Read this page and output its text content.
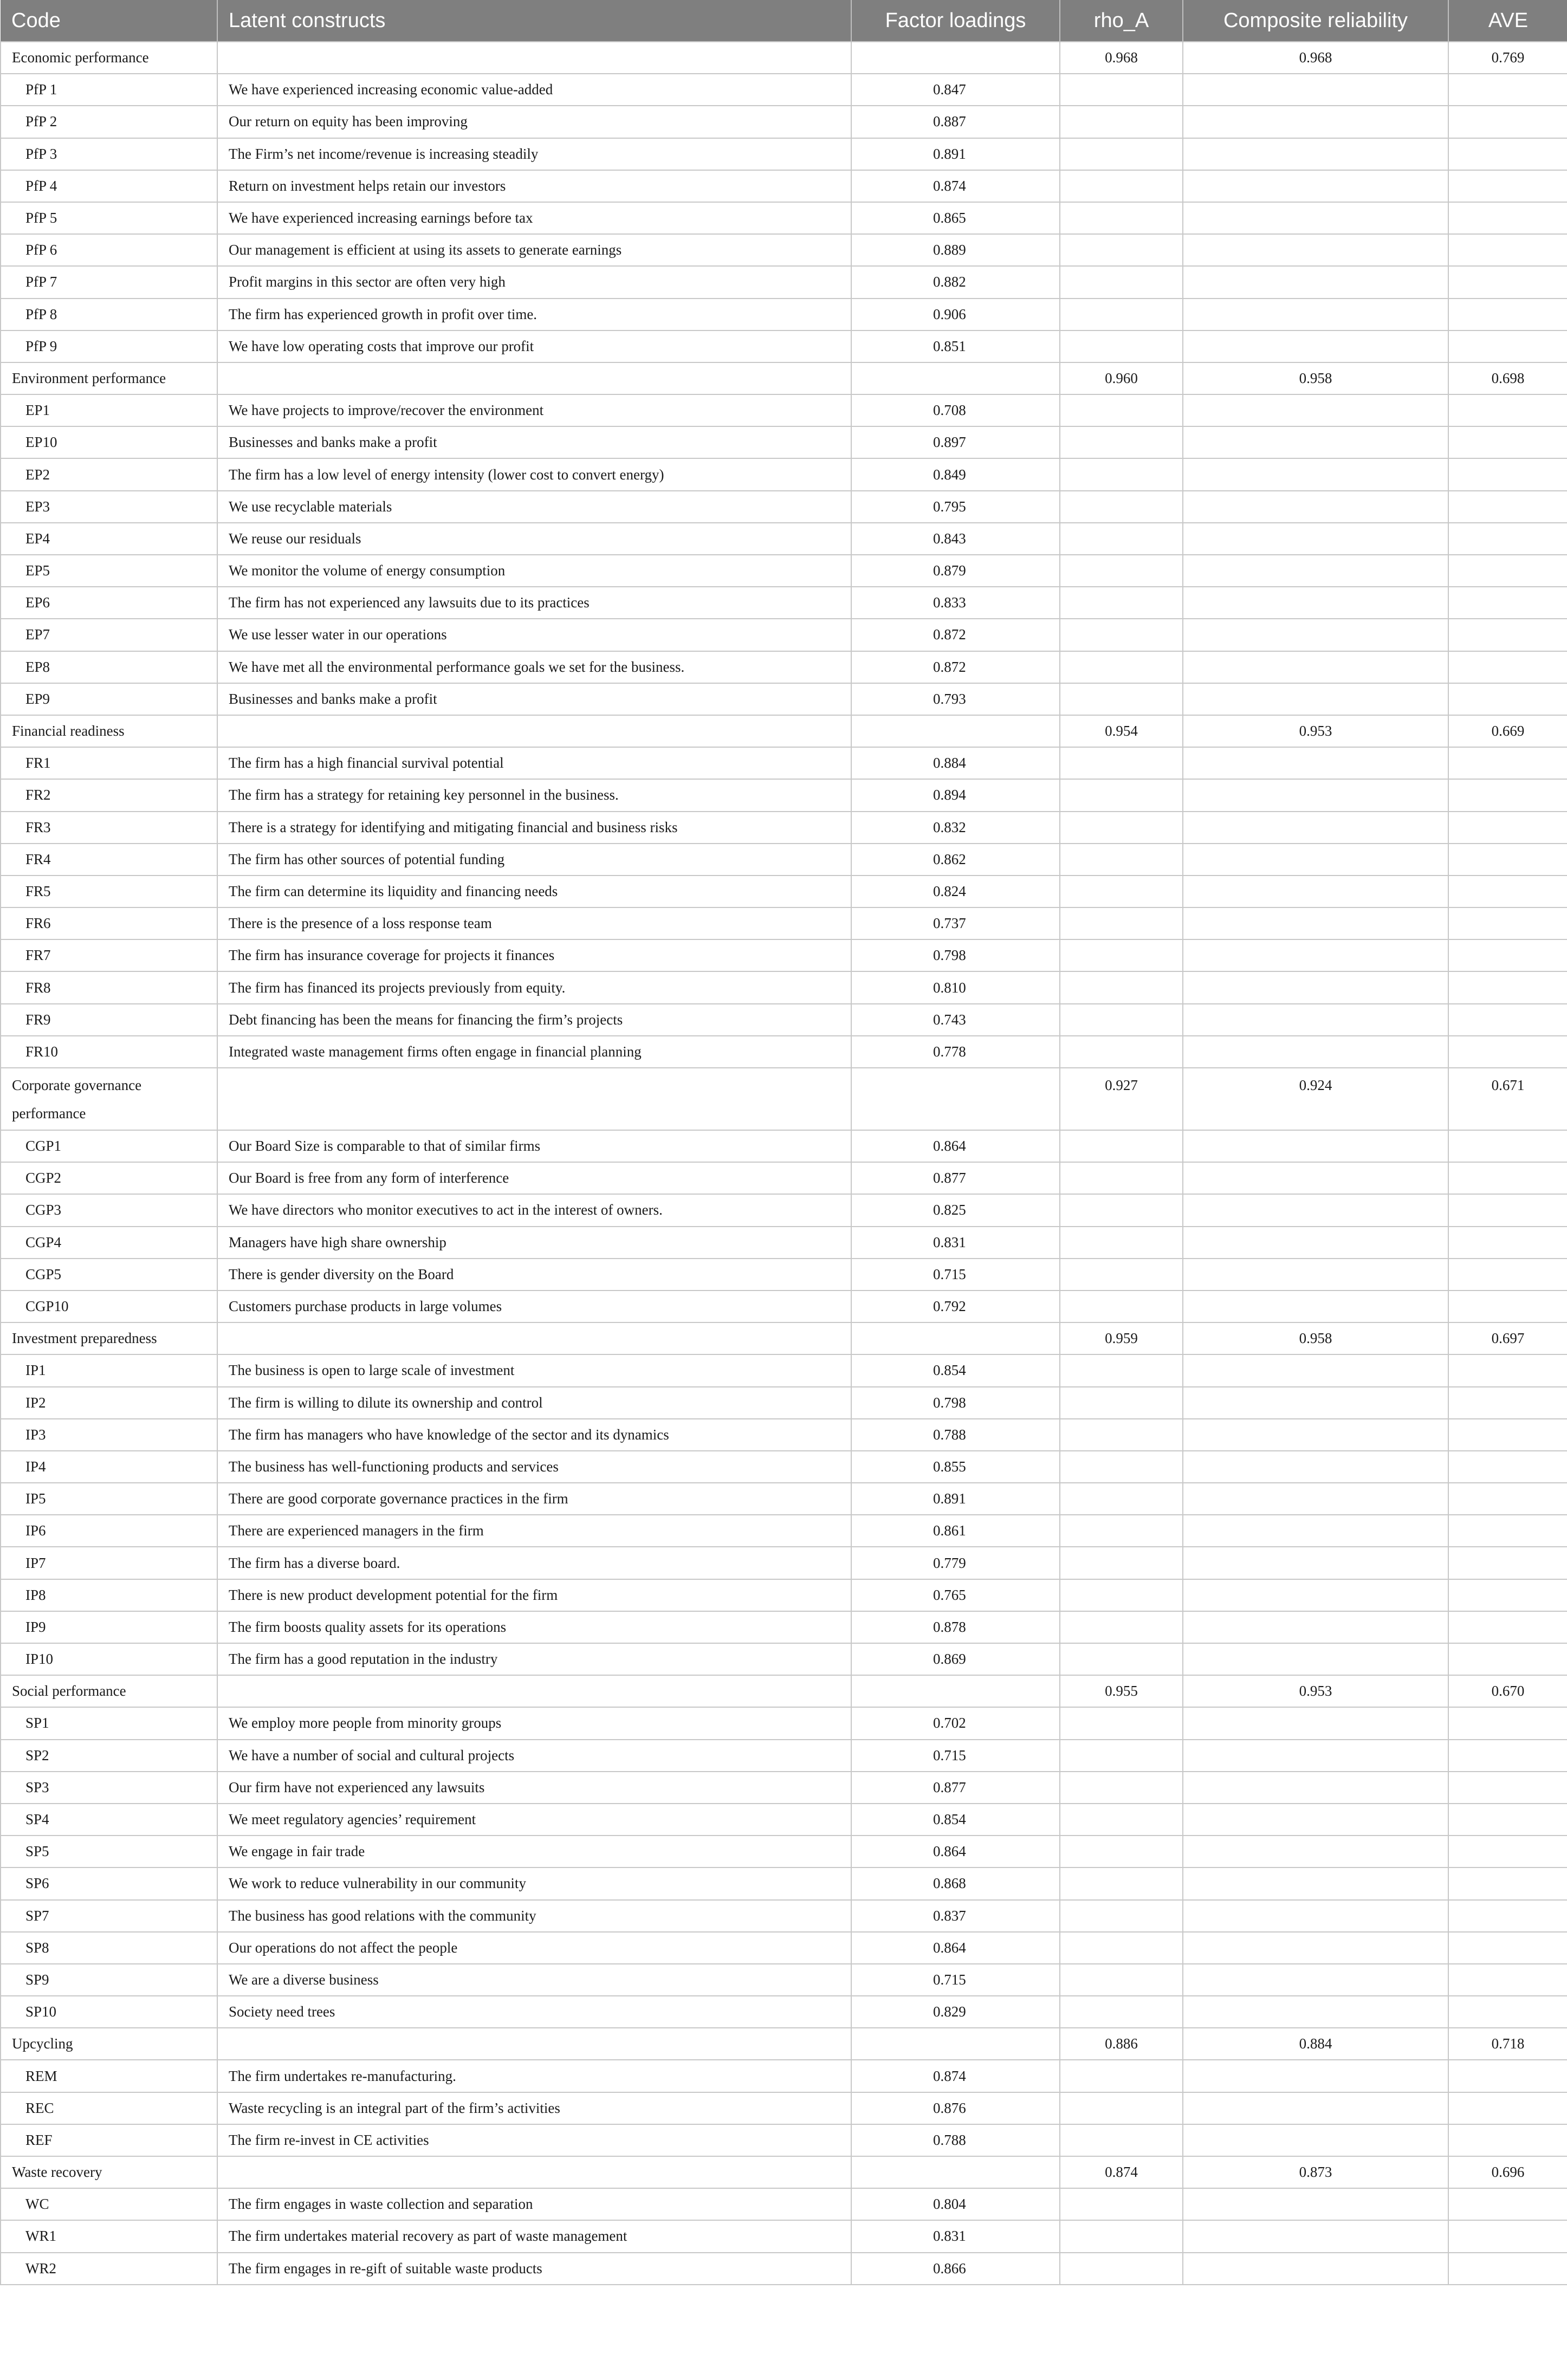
Code	Latent constructs	Factor loadings	rho_A	Composite reliability	AVE
Economic performance			0.968	0.968	0.769
PfP 1	We have experienced increasing economic value-added	0.847			
PfP 2	Our return on equity has been improving	0.887			
PfP 3	The Firm’s net income/revenue is increasing steadily	0.891			
PfP 4	Return on investment helps retain our investors	0.874			
PfP 5	We have experienced increasing earnings before tax	0.865			
PfP 6	Our management is efficient at using its assets to generate earnings	0.889			
PfP 7	Profit margins in this sector are often very high	0.882			
PfP 8	The firm has experienced growth in profit over time.	0.906			
PfP 9	We have low operating costs that improve our profit	0.851			
Environment performance			0.960	0.958	0.698
EP1	We have projects to improve/recover the environment	0.708			
EP10	Businesses and banks make a profit	0.897			
EP2	The firm has a low level of energy intensity (lower cost to convert energy)	0.849			
EP3	We use recyclable materials	0.795			
EP4	We reuse our residuals	0.843			
EP5	We monitor the volume of energy consumption	0.879			
EP6	The firm has not experienced any lawsuits due to its practices	0.833			
EP7	We use lesser water in our operations	0.872			
EP8	We have met all the environmental performance goals we set for the business.	0.872			
EP9	Businesses and banks make a profit	0.793			
Financial readiness			0.954	0.953	0.669
FR1	The firm has a high financial survival potential	0.884			
FR2	The firm has a strategy for retaining key personnel in the business.	0.894			
FR3	There is a strategy for identifying and mitigating financial and business risks	0.832			
FR4	The firm has other sources of potential funding	0.862			
FR5	The firm can determine its liquidity and financing needs	0.824			
FR6	There is the presence of a loss response team	0.737			
FR7	The firm has insurance coverage for projects it finances	0.798			
FR8	The firm has financed its projects previously from equity.	0.810			
FR9	Debt financing has been the means for financing the firm’s projects	0.743			
FR10	Integrated waste management firms often engage in financial planning	0.778			
Corporate governance performance			0.927	0.924	0.671
CGP1	Our Board Size is comparable to that of similar firms	0.864			
CGP2	Our Board is free from any form of interference	0.877			
CGP3	We have directors who monitor executives to act in the interest of owners.	0.825			
CGP4	Managers have high share ownership	0.831			
CGP5	There is gender diversity on the Board	0.715			
CGP10	Customers purchase products in large volumes	0.792			
Investment preparedness			0.959	0.958	0.697
IP1	The business is open to large scale of investment	0.854			
IP2	The firm is willing to dilute its ownership and control	0.798			
IP3	The firm has managers who have knowledge of the sector and its dynamics	0.788			
IP4	The business has well-functioning products and services	0.855			
IP5	There are good corporate governance practices in the firm	0.891			
IP6	There are experienced managers in the firm	0.861			
IP7	The firm has a diverse board.	0.779			
IP8	There is new product development potential for the firm	0.765			
IP9	The firm boosts quality assets for its operations	0.878			
IP10	The firm has a good reputation in the industry	0.869			
Social performance			0.955	0.953	0.670
SP1	We employ more people from minority groups	0.702			
SP2	We have a number of social and cultural projects	0.715			
SP3	Our firm have not experienced any lawsuits	0.877			
SP4	We meet regulatory agencies’ requirement	0.854			
SP5	We engage in fair trade	0.864			
SP6	We work to reduce vulnerability in our community	0.868			
SP7	The business has good relations with the community	0.837			
SP8	Our operations do not affect the people	0.864			
SP9	We are a diverse business	0.715			
SP10	Society need trees	0.829			
Upcycling			0.886	0.884	0.718
REM	The firm undertakes re-manufacturing.	0.874			
REC	Waste recycling is an integral part of the firm’s activities	0.876			
REF	The firm re-invest in CE activities	0.788			
Waste recovery			0.874	0.873	0.696
WC	The firm engages in waste collection and separation	0.804			
WR1	The firm undertakes material recovery as part of waste management	0.831			
WR2	The firm engages in re-gift of suitable waste products	0.866			
